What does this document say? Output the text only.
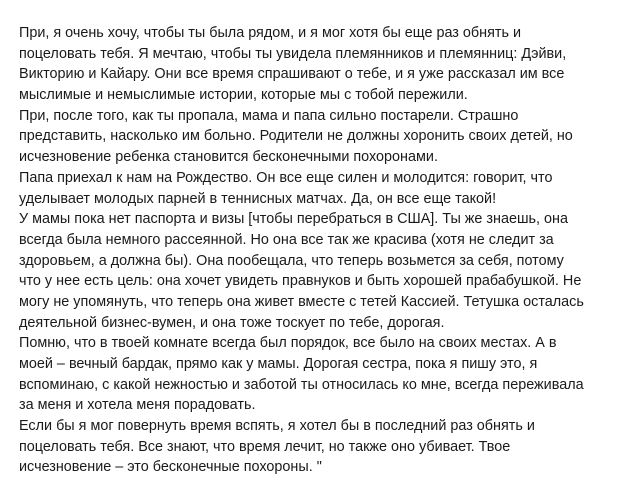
При, я очень хочу, чтобы ты была рядом, и я мог хотя бы еще раз обнять и
поцеловать тебя. Я мечтаю, чтобы ты увидела племянников и племянниц: Дэйви,
Викторию и Кайару. Они все время спрашивают о тебе, и я уже рассказал им все
мыслимые и немыслимые истории, которые мы с тобой пережили.
При, после того, как ты пропала, мама и папа сильно постарели. Страшно
представить, насколько им больно. Родители не должны хоронить своих детей, но
исчезновение ребенка становится бесконечными похоронами.
Папа приехал к нам на Рождество. Он все еще силен и молодится: говорит, что
уделывает молодых парней в теннисных матчах. Да, он все еще такой!
У мамы пока нет паспорта и визы [чтобы перебраться в США]. Ты же знаешь, она
всегда была немного рассеянной. Но она все так же красива (хотя не следит за
здоровьем, а должна бы). Она пообещала, что теперь возьмется за себя, потому
что у нее есть цель: она хочет увидеть правнуков и быть хорошей прабабушкой. Не
могу не упомянуть, что теперь она живет вместе с тетей Кассией. Тетушка осталась
деятельной бизнес-вумен, и она тоже тоскует по тебе, дорогая.
Помню, что в твоей комнате всегда был порядок, все было на своих местах. А в
моей – вечный бардак, прямо как у мамы. Дорогая сестра, пока я пишу это, я
вспоминаю, с какой нежностью и заботой ты относилась ко мне, всегда переживала
за меня и хотела меня порадовать.
Если бы я мог повернуть время вспять, я хотел бы в последний раз обнять и
поцеловать тебя. Все знают, что время лечит, но также оно убивает. Твое
исчезновение – это бесконечные похороны. "
